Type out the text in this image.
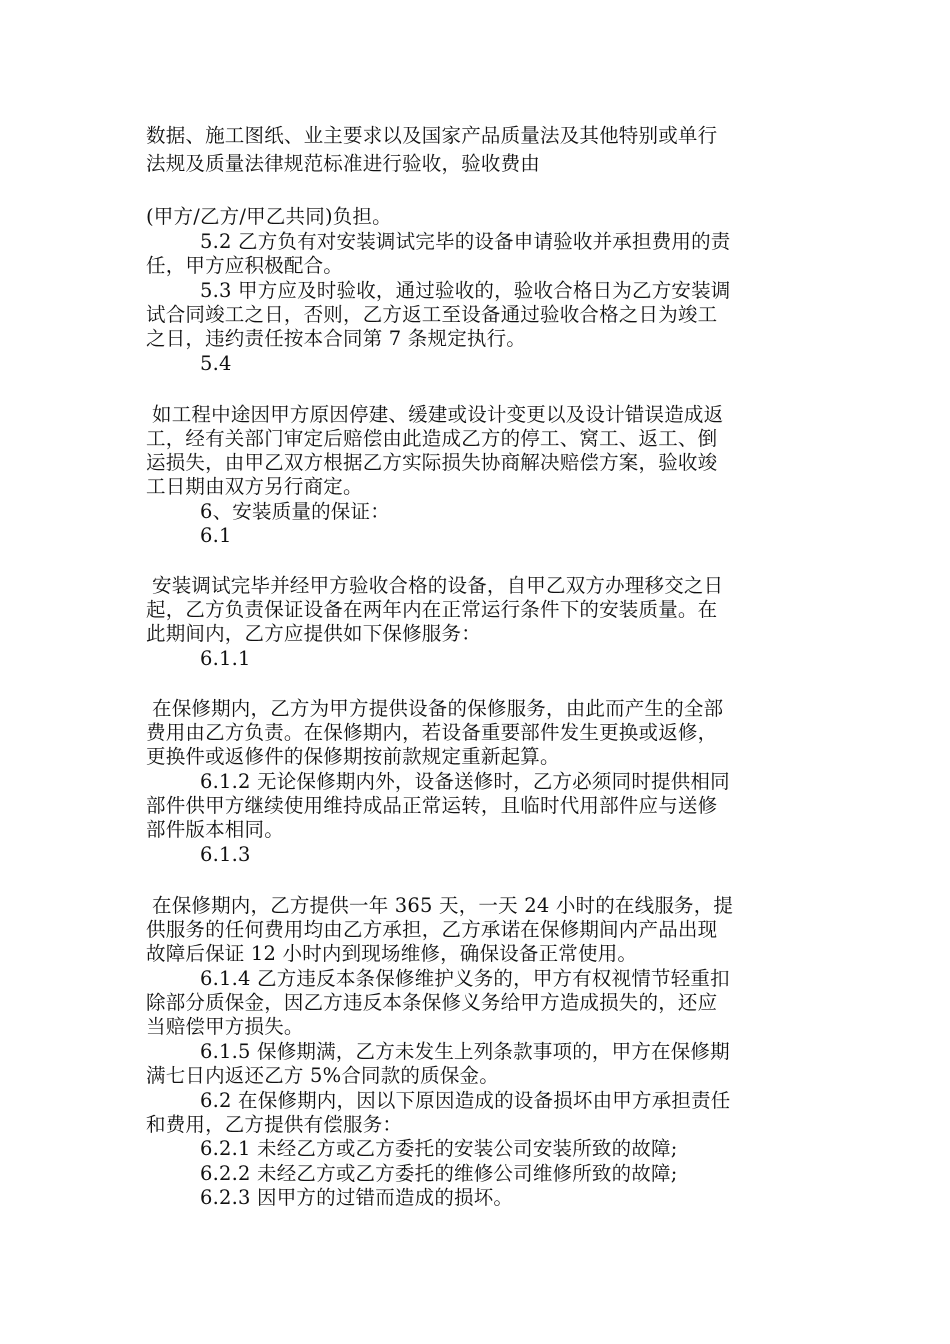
数据、施工图纸、业主要求以及国家产品质量法及其他特别或单行
法规及质量法律规范标准进行验收，验收费由
(甲方/乙方/甲乙共同)负担。
5.2 乙方负有对安装调试完毕的设备申请验收并承担费用的责
任，甲方应积极配合。
5.3 甲方应及时验收，通过验收的，验收合格日为乙方安装调
试合同竣工之日，否则，乙方返工至设备通过验收合格之日为竣工
之日，违约责任按本合同第 7 条规定执行。
5.4
如工程中途因甲方原因停建、缓建或设计变更以及设计错误造成返
工，经有关部门审定后赔偿由此造成乙方的停工、窝工、返工、倒
运损失，由甲乙双方根据乙方实际损失协商解决赔偿方案，验收竣
工日期由双方另行商定。
6、安装质量的保证：
6.1
安装调试完毕并经甲方验收合格的设备，自甲乙双方办理移交之日
起，乙方负责保证设备在两年内在正常运行条件下的安装质量。在
此期间内，乙方应提供如下保修服务：
6.1.1
在保修期内，乙方为甲方提供设备的保修服务，由此而产生的全部
费用由乙方负责。在保修期内，若设备重要部件发生更换或返修，
更换件或返修件的保修期按前款规定重新起算。
6.1.2 无论保修期内外，设备送修时，乙方必须同时提供相同
部件供甲方继续使用维持成品正常运转，且临时代用部件应与送修
部件版本相同。
6.1.3
在保修期内，乙方提供一年 365 天，一天 24 小时的在线服务，提
供服务的任何费用均由乙方承担，乙方承诺在保修期间内产品出现
故障后保证 12 小时内到现场维修，确保设备正常使用。
6.1.4 乙方违反本条保修维护义务的，甲方有权视情节轻重扣
除部分质保金，因乙方违反本条保修义务给甲方造成损失的，还应
当赔偿甲方损失。
6.1.5 保修期满，乙方未发生上列条款事项的，甲方在保修期
满七日内返还乙方 5%合同款的质保金。
6.2 在保修期内，因以下原因造成的设备损坏由甲方承担责任
和费用，乙方提供有偿服务：
6.2.1 未经乙方或乙方委托的安装公司安装所致的故障;
6.2.2 未经乙方或乙方委托的维修公司维修所致的故障;
6.2.3 因甲方的过错而造成的损坏。
